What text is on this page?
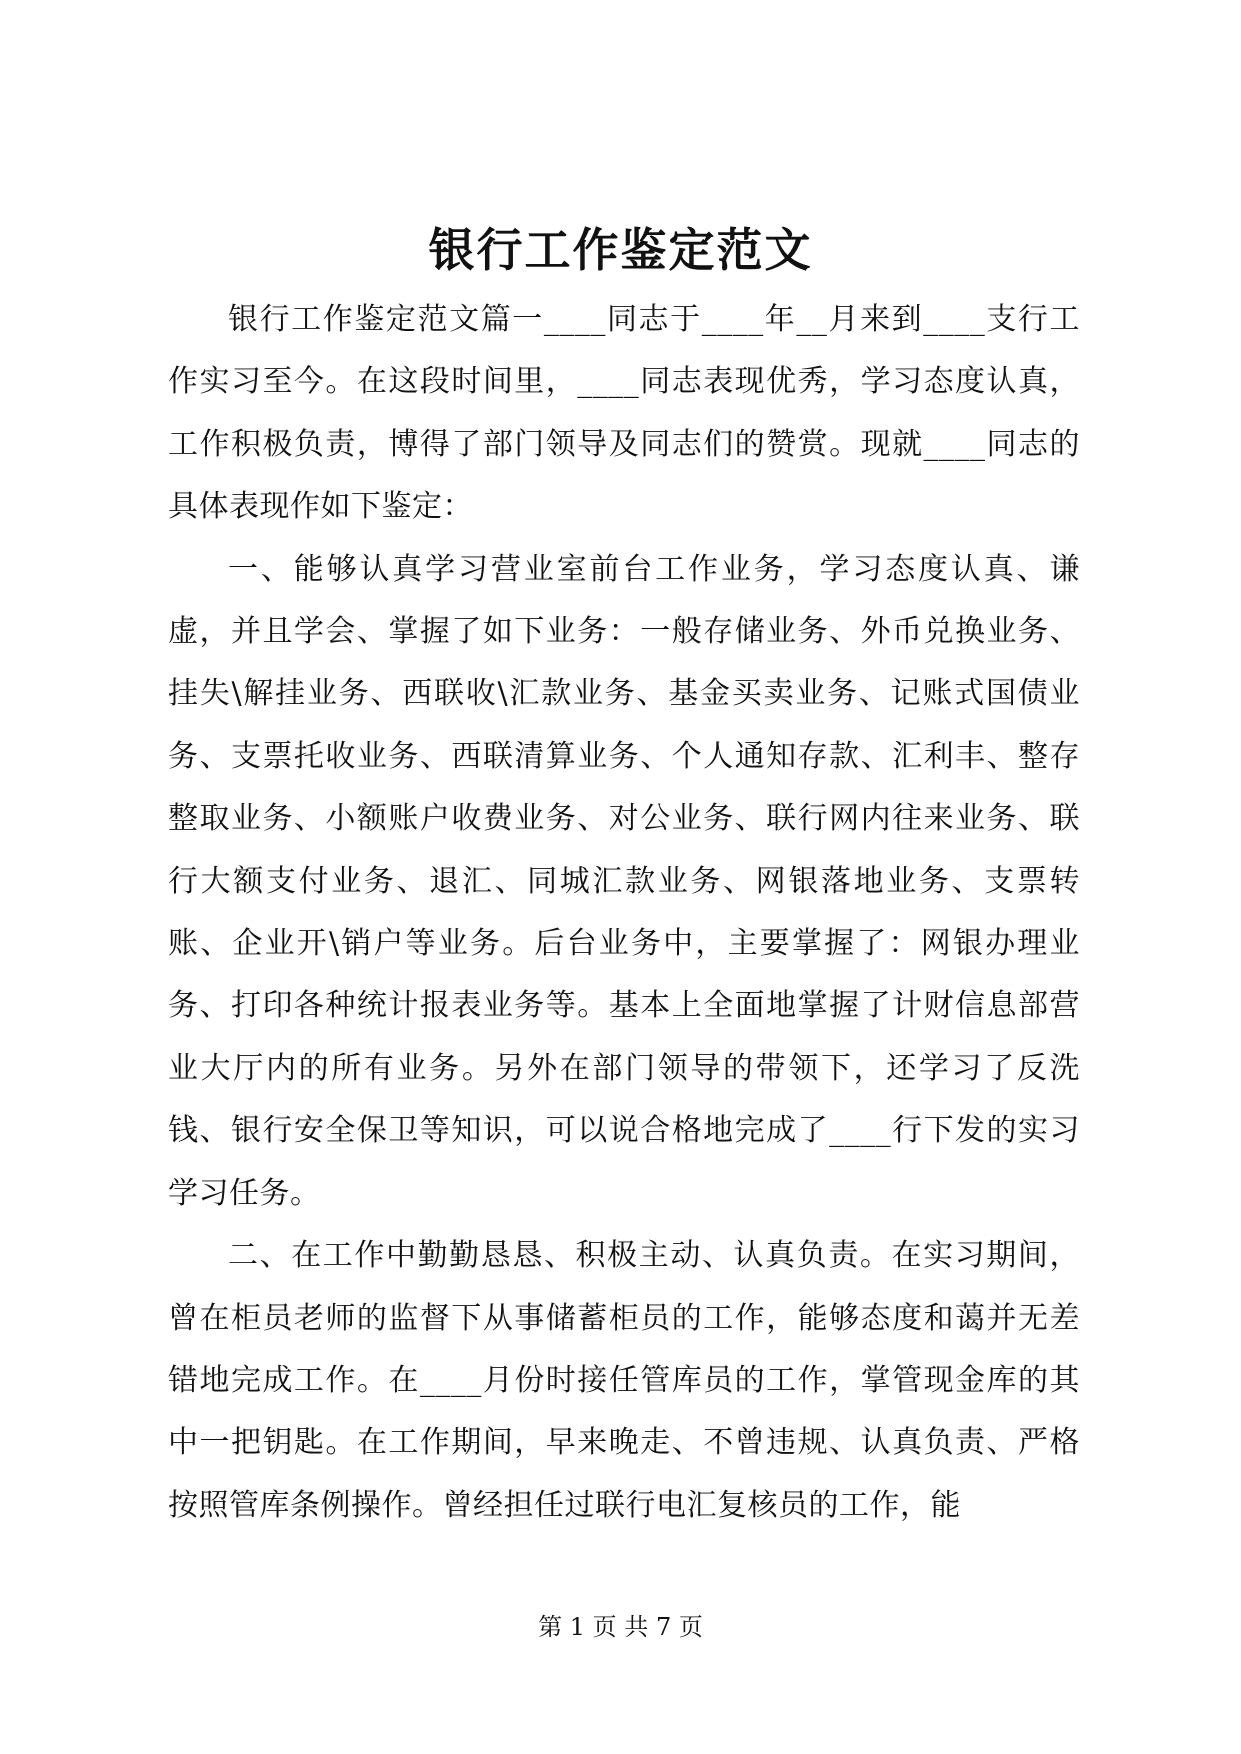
银行工作鉴定范文

银行工作鉴定范文篇一____同志于____年__月来到____支行工作实习至今。在这段时间里，____同志表现优秀，学习态度认真，工作积极负责，博得了部门领导及同志们的赞赏。现就____同志的具体表现作如下鉴定：

一、能够认真学习营业室前台工作业务，学习态度认真、谦虚，并且学会、掌握了如下业务：一般存储业务、外币兑换业务、挂失\解挂业务、西联收\汇款业务、基金买卖业务、记账式国债业务、支票托收业务、西联清算业务、个人通知存款、汇利丰、整存整取业务、小额账户收费业务、对公业务、联行网内往来业务、联行大额支付业务、退汇、同城汇款业务、网银落地业务、支票转账、企业开\销户等业务。后台业务中，主要掌握了：网银办理业务、打印各种统计报表业务等。基本上全面地掌握了计财信息部营业大厅内的所有业务。另外在部门领导的带领下，还学习了反洗钱、银行安全保卫等知识，可以说合格地完成了____行下发的实习学习任务。

二、在工作中勤勤恳恳、积极主动、认真负责。在实习期间，曾在柜员老师的监督下从事储蓄柜员的工作，能够态度和蔼并无差错地完成工作。在____月份时接任管库员的工作，掌管现金库的其中一把钥匙。在工作期间，早来晚走、不曾违规、认真负责、严格按照管库条例操作。曾经担任过联行电汇复核员的工作，能

第 1 页 共 7 页
